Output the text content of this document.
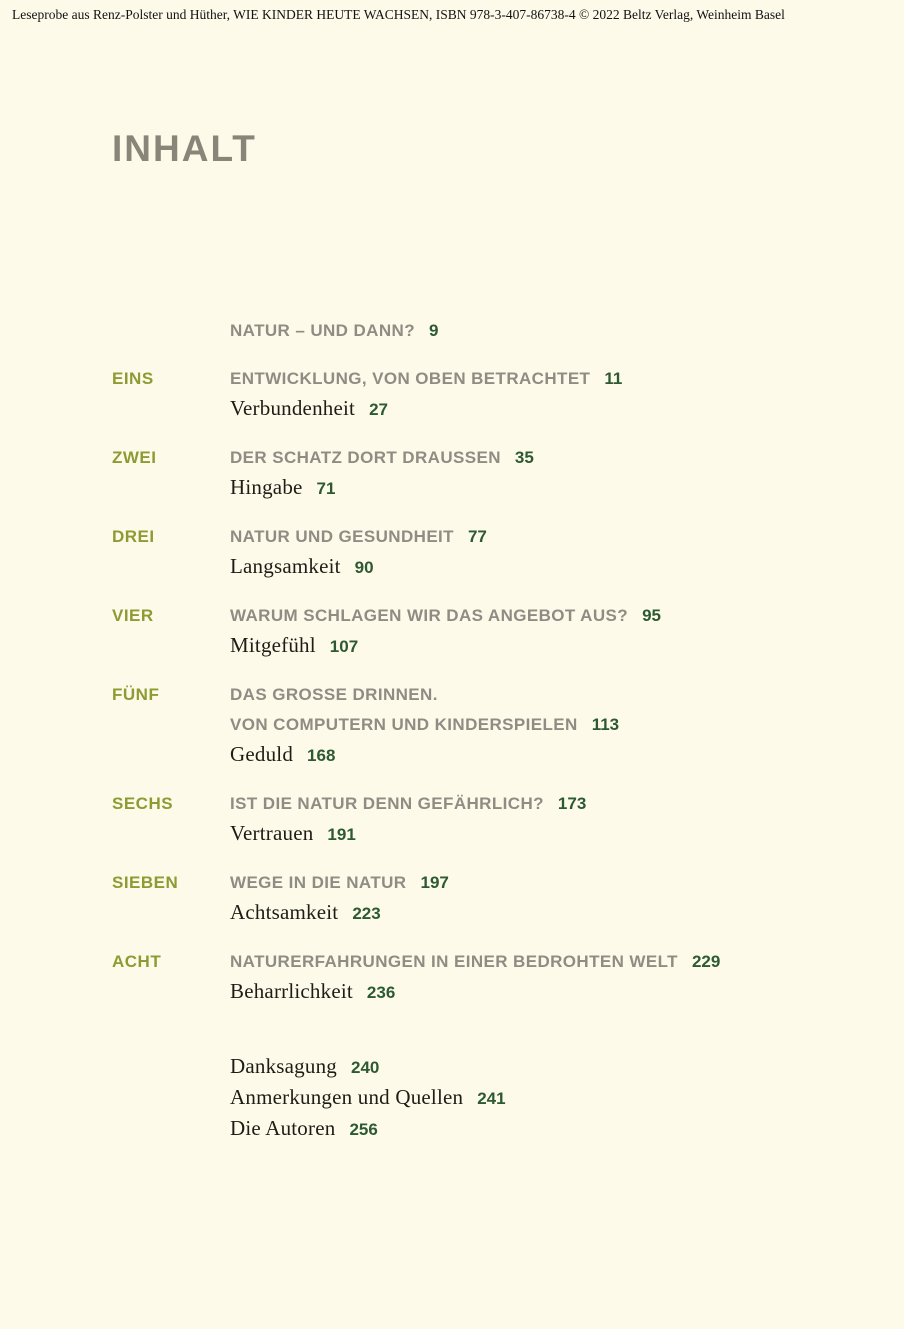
Leseprobe aus Renz-Polster und Hüther, WIE KINDER HEUTE WACHSEN, ISBN 978-3-407-86738-4 © 2022 Beltz Verlag, Weinheim Basel
INHALT
NATUR – UND DANN? 9
EINS	ENTWICKLUNG, VON OBEN BETRACHTET 11
Verbundenheit 27
ZWEI	DER SCHATZ DORT DRAUSSEN 35
Hingabe 71
DREI	NATUR UND GESUNDHEIT 77
Langsamkeit 90
VIER	WARUM SCHLAGEN WIR DAS ANGEBOT AUS? 95
Mitgefühl 107
FÜNF	DAS GROSSE DRINNEN.
VON COMPUTERN UND KINDERSPIELEN 113
Geduld 168
SECHS	IST DIE NATUR DENN GEFÄHRLICH? 173
Vertrauen 191
SIEBEN	WEGE IN DIE NATUR 197
Achtsamkeit 223
ACHT	NATURERFAHRUNGEN IN EINER BEDROHTEN WELT 229
Beharrlichkeit 236
Danksagung 240
Anmerkungen und Quellen 241
Die Autoren 256
